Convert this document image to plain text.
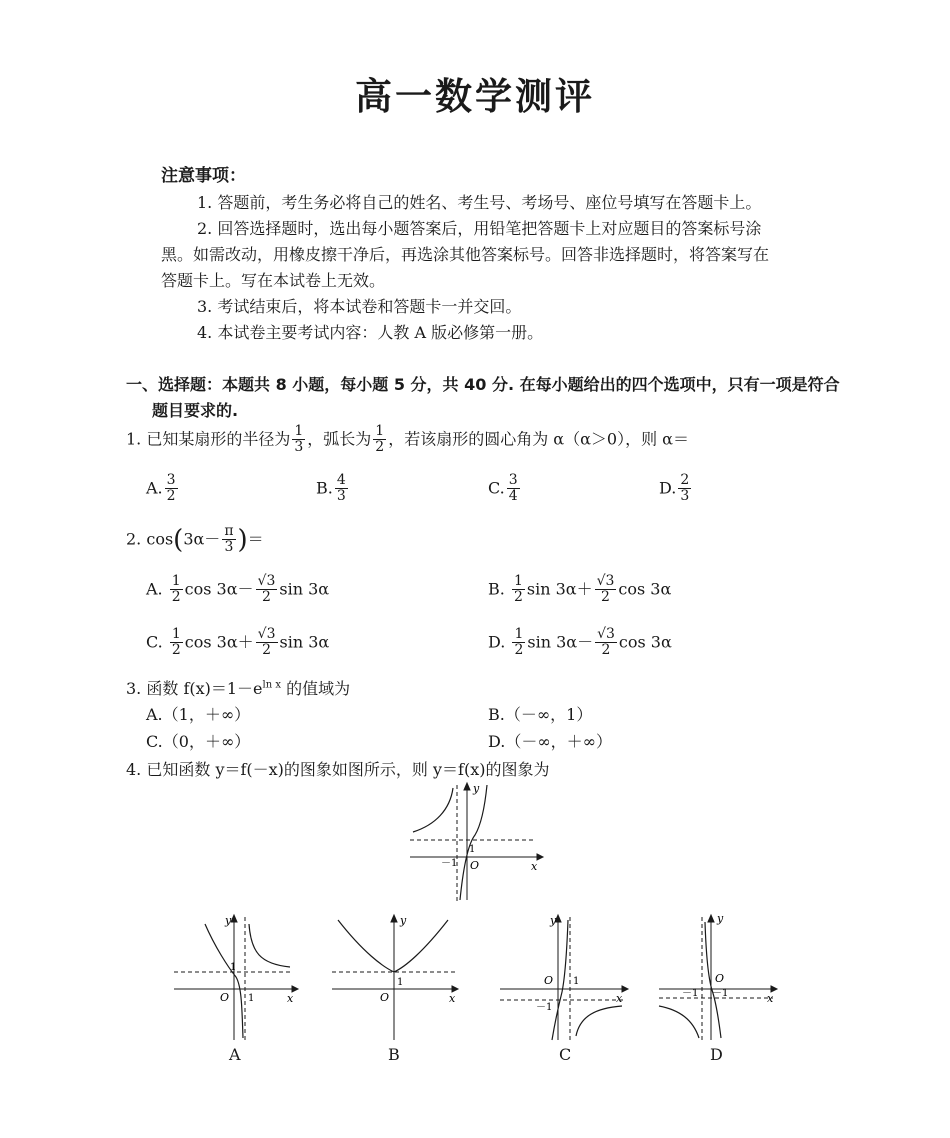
高一数学测评
注意事项：
1. 答题前，考生务必将自己的姓名、考生号、考场号、座位号填写在答题卡上。
2. 回答选择题时，选出每小题答案后，用铅笔把答题卡上对应题目的答案标号涂
黑。如需改动，用橡皮擦干净后，再选涂其他答案标号。回答非选择题时，将答案写在
答题卡上。写在本试卷上无效。
3. 考试结束后，将本试卷和答题卡一并交回。
4. 本试卷主要考试内容：人教 A 版必修第一册。
一、选择题：本题共 8 小题，每小题 5 分，共 40 分. 在每小题给出的四个选项中，只有一项是符合
题目要求的.
1. 已知某扇形的半径为 $\frac{1}{3}$ ，弧长为 $\frac{1}{2}$ ，若该扇形的圆心角为 α（α＞0），则 α＝
A. $\frac{3}{2}$	B. $\frac{4}{3}$	C. $\frac{3}{4}$	D. $\frac{2}{3}$
2. $\cos(3\alpha- \frac{\pi}{3}$ )＝
A. $\frac{1}{2}$ $\cos 3\alpha- \frac{√3}{2}$ sin 3α	B. $\frac{1}{2}$ $\sin 3\alpha+ \frac{√3}{2}$ cos 3α
C. $\frac{1}{2}$ $\cos 3\alpha+ \frac{√3}{2}$ sin 3α	D. $\frac{1}{2}$ $\sin 3\alpha- \frac{√3}{2}$ cos 3α
3. 函数 $f(x)=1-e^{ln x}$ 的值域为
A.（1，＋∞）	B.（－∞，1）
C.（0，＋∞）	D.（－∞，＋∞）
4. 已知函数 y＝f(－x)的图象如图所示，则 y＝f(x)的图象为
y
x
O
1
－1
y
x
O 1
1
A
y
x
O
1
B
y
x
O 1
－1
C
y
x
O
－1 －1
D
